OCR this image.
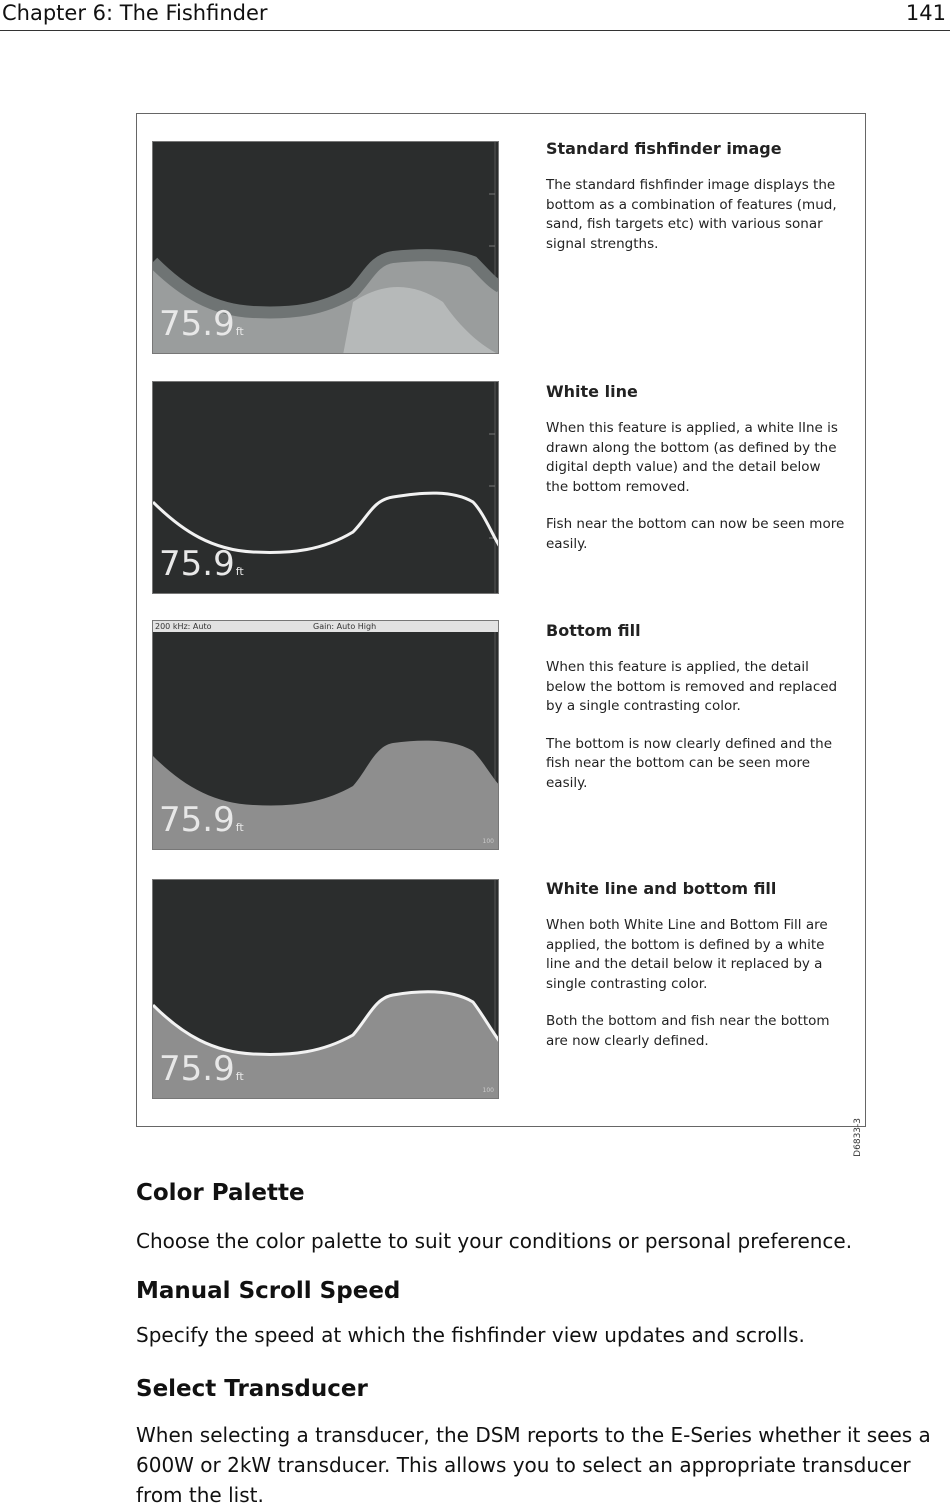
Chapter 6: The Fishfinder	141
75.9ft
Standard fishfinder image

The standard fishfinder image displays the bottom as a combination of features (mud, sand, fish targets etc) with various sonar signal strengths.

75.9ft
White line

When this feature is applied, a white lIne is drawn along the bottom (as defined by the digital depth value) and the detail below the bottom removed.

Fish near the bottom can now be seen more easily.

200 kHz: Auto	Gain: Auto High
75.9ft
100
Bottom fill

When this feature is applied, the detail below the bottom is removed and replaced by a single contrasting color.

The bottom is now clearly defined and the fish near the bottom can be seen more easily.

75.9ft
100
White line and bottom fill

When both White Line and Bottom Fill are applied, the bottom is defined by a white line and the detail below it replaced by a single contrasting color.

Both the bottom and fish near the bottom are now clearly defined.

D6833-3
Color Palette

Choose the color palette to suit your conditions or personal preference.

Manual Scroll Speed

Specify the speed at which the fishfinder view updates and scrolls.

Select Transducer

When selecting a transducer, the DSM reports to the E-Series whether it sees a 600W or 2kW transducer. This allows you to select an appropriate transducer from the list.
